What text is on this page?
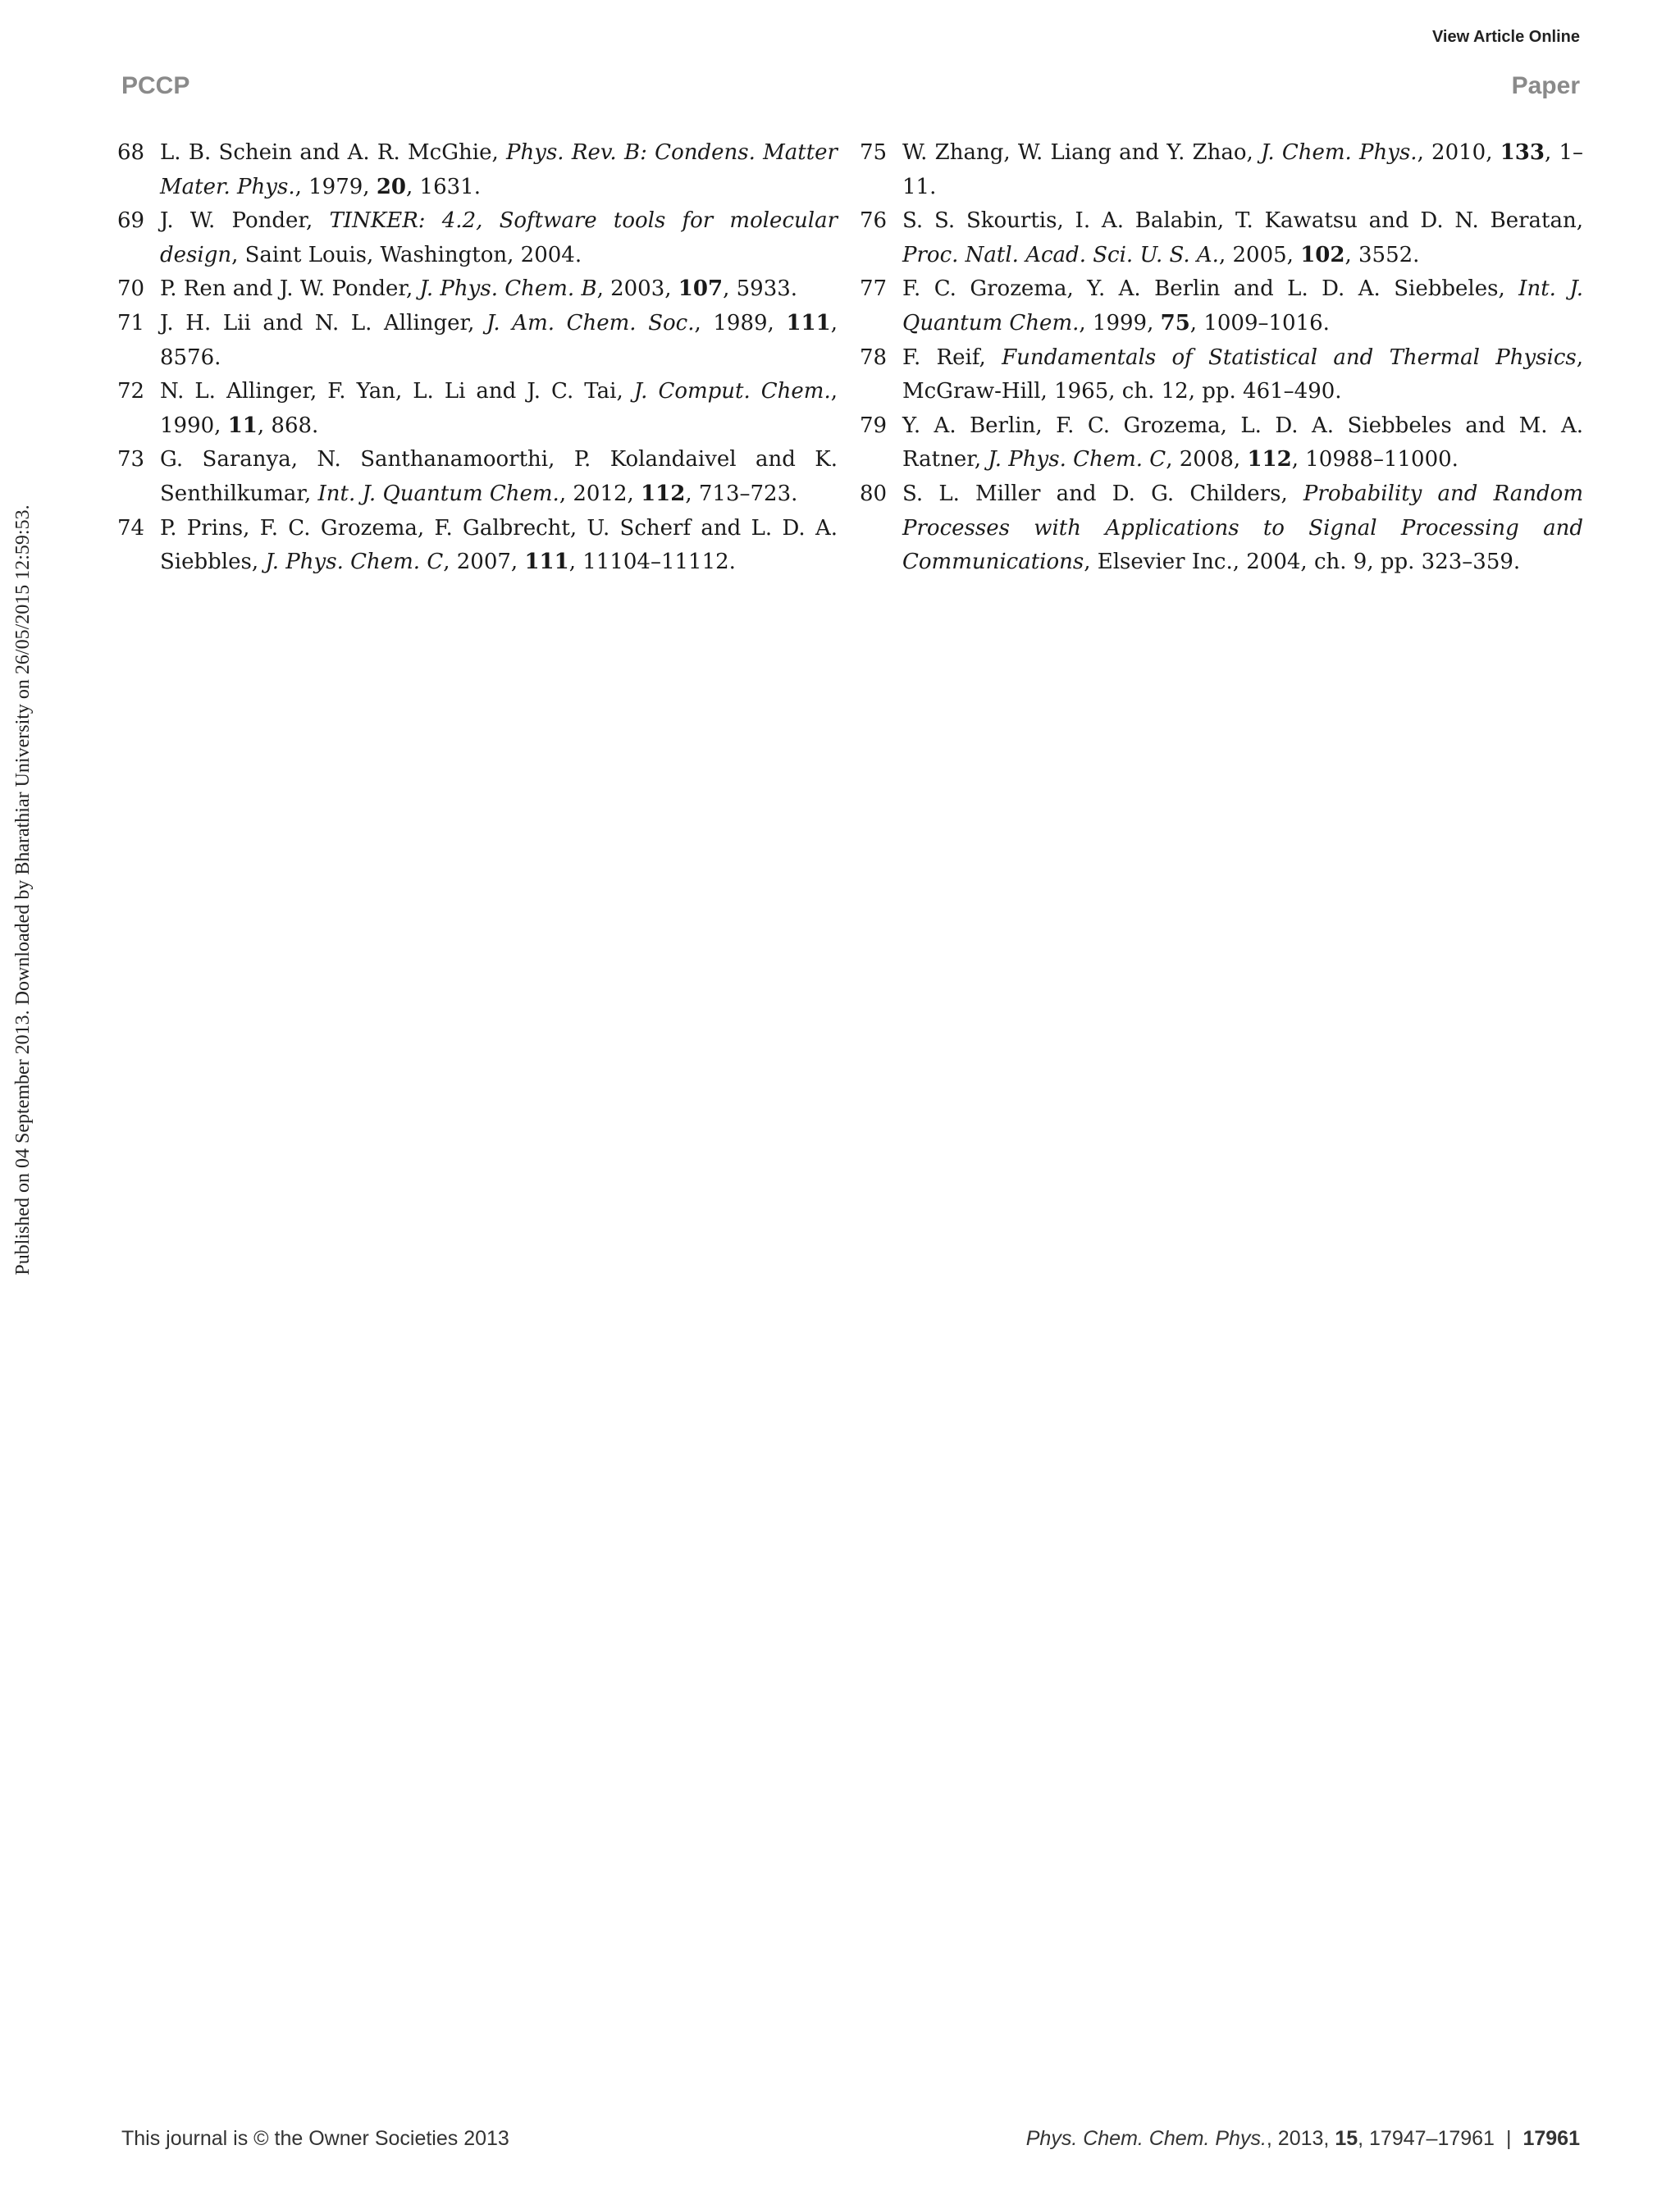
View Article Online
PCCP	Paper
Published on 04 September 2013. Downloaded by Bharathiar University on 26/05/2015 12:59:53.
68 L. B. Schein and A. R. McGhie, Phys. Rev. B: Condens. Matter Mater. Phys., 1979, 20, 1631.
69 J. W. Ponder, TINKER: 4.2, Software tools for molecular design, Saint Louis, Washington, 2004.
70 P. Ren and J. W. Ponder, J. Phys. Chem. B, 2003, 107, 5933.
71 J. H. Lii and N. L. Allinger, J. Am. Chem. Soc., 1989, 111, 8576.
72 N. L. Allinger, F. Yan, L. Li and J. C. Tai, J. Comput. Chem., 1990, 11, 868.
73 G. Saranya, N. Santhanamoorthi, P. Kolandaivel and K. Senthilkumar, Int. J. Quantum Chem., 2012, 112, 713–723.
74 P. Prins, F. C. Grozema, F. Galbrecht, U. Scherf and L. D. A. Siebbles, J. Phys. Chem. C, 2007, 111, 11104–11112.
75 W. Zhang, W. Liang and Y. Zhao, J. Chem. Phys., 2010, 133, 1–11.
76 S. S. Skourtis, I. A. Balabin, T. Kawatsu and D. N. Beratan, Proc. Natl. Acad. Sci. U. S. A., 2005, 102, 3552.
77 F. C. Grozema, Y. A. Berlin and L. D. A. Siebbeles, Int. J. Quantum Chem., 1999, 75, 1009–1016.
78 F. Reif, Fundamentals of Statistical and Thermal Physics, McGraw-Hill, 1965, ch. 12, pp. 461–490.
79 Y. A. Berlin, F. C. Grozema, L. D. A. Siebbeles and M. A. Ratner, J. Phys. Chem. C, 2008, 112, 10988–11000.
80 S. L. Miller and D. G. Childers, Probability and Random Processes with Applications to Signal Processing and Communications, Elsevier Inc., 2004, ch. 9, pp. 323–359.
This journal is © the Owner Societies 2013	Phys. Chem. Chem. Phys., 2013, 15, 17947–17961 | 17961
